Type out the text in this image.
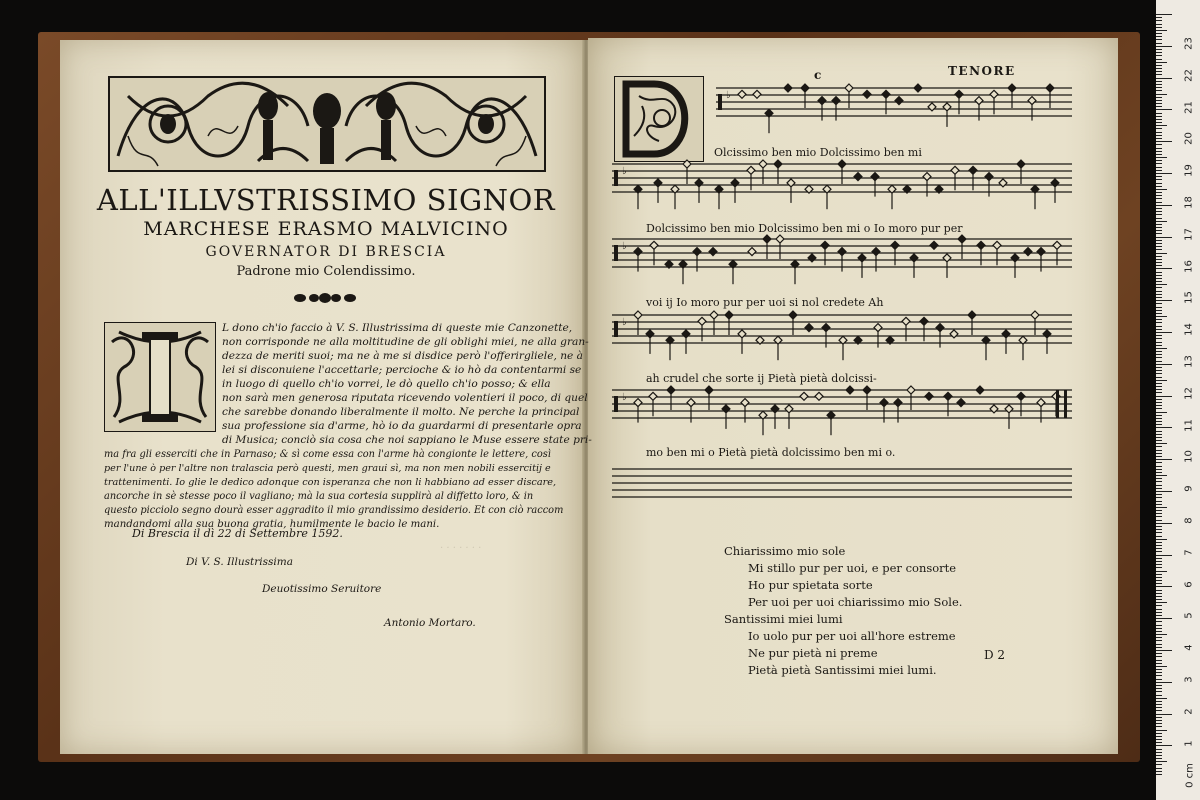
. . . . . . .
ALL'ILLVSTRISSIMO SIGNOR
MARCHESE ERASMO MALVICINO
GOVERNATOR DI BRESCIA
Padrone mio Colendissimo.
L dono ch'io faccio à V. S. Illustrissima di queste mie Canzonette,
non corrisponde ne alla moltitudine de gli oblighi miei, ne alla gran-
dezza de meriti suoi; ma ne à me si disdice però l'offerirgliele, ne à
lei si disconuiene l'accettarle; percioche & io hò da contentarmi se
in luogo di quello ch'io vorrei, le dò quello ch'io posso; & ella
non sarà men generosa riputata ricevendo volentieri il poco, di quel
che sarebbe donando liberalmente il molto. Ne perche la principal
sua professione sia d'arme, hò io da guardarmi di presentarle opra
di Musica; conciò sia cosa che noi sappiano le Muse essere state pri-
ma fra gli esserciti che in Parnaso; & sì come essa con l'arme hà congionte le lettere, così
per l'une ò per l'altre non tralascia però questi, men graui sì, ma non men nobili essercitij e
trattenimenti. Io glie le dedico adonque con isperanza che non li habbiano ad esser discare,
ancorche in sè stesse poco il vagliano; mà la sua cortesia supplirà al diffetto loro, & in
questo picciolo segno dourà esser aggradito il mio grandissimo desiderio. Et con ciò raccom
mandandomi alla sua buona gratia, humilmente le bacio le mani.
Di Brescia il dì 22 di Settembre 1592.
Di V. S. Illustrissima
Deuotissimo Seruitore
Antonio Mortaro.
c	TENORE
♭
♭
♭
♭
♭
Olcissimo ben mio Dolcissimo ben mi
Dolcissimo ben mio Dolcissimo ben mi o Io moro pur per
voi ij Io moro pur per uoi si nol credete Ah
ah crudel che sorte ij Pietà pietà dolcissi-
mo ben mi o Pietà pietà dolcissimo ben mi o.
Chiarissimo mio sole
Mi stillo pur per uoi, e per consorte
Ho pur spietata sorte
Per uoi per uoi chiarissimo mio Sole.
Santissimi miei lumi
Io uolo pur per uoi all'hore estreme
Ne pur pietà ni preme
Pietà pietà Santissimi miei lumi.
D 2
0 cm
23
22
21
20
19
18
17
16
15
14
13
12
11
10
9
8
7
6
5
4
3
2
1
